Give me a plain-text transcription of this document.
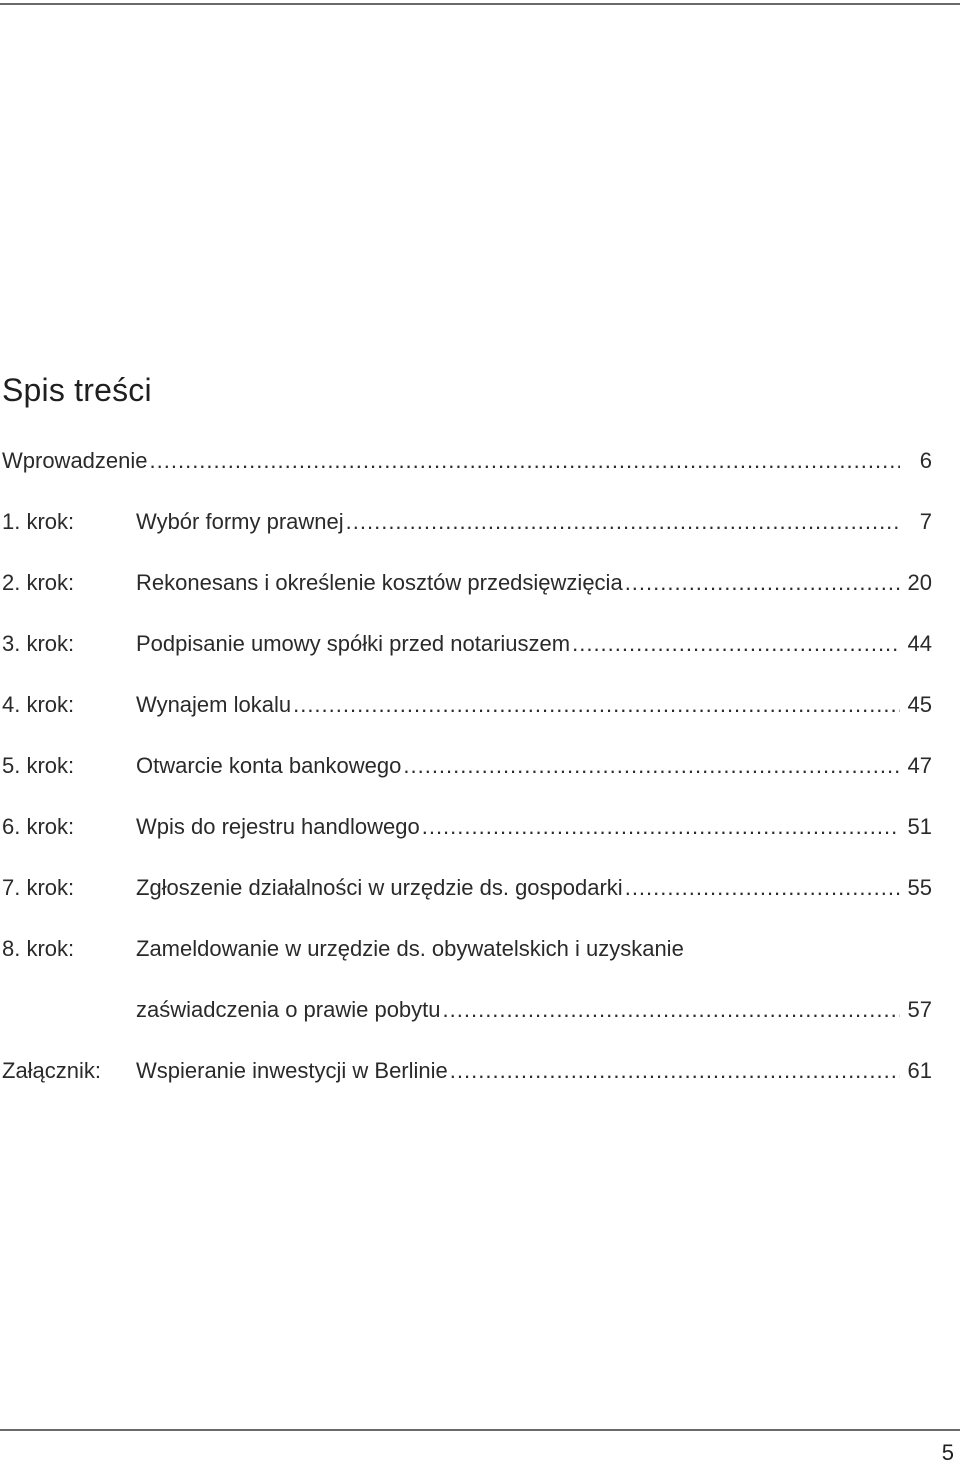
Spis treści
Wprowadzenie .....	6
1. krok:	Wybór formy prawnej .....	7
2. krok:	Rekonesans i określenie kosztów przedsięwzięcia .....	20
3. krok:	Podpisanie umowy spółki przed notariuszem .....	44
4. krok:	Wynajem lokalu .....	45
5. krok:	Otwarcie konta bankowego .....	47
6. krok:	Wpis do rejestru handlowego .....	51
7. krok:	Zgłoszenie działalności w urzędzie ds. gospodarki .....	55
8. krok:	Zameldowanie w urzędzie ds. obywatelskich i uzyskanie
zaświadczenia o prawie pobytu .....	57
Załącznik: Wspieranie inwestycji w Berlinie .....	61
5
